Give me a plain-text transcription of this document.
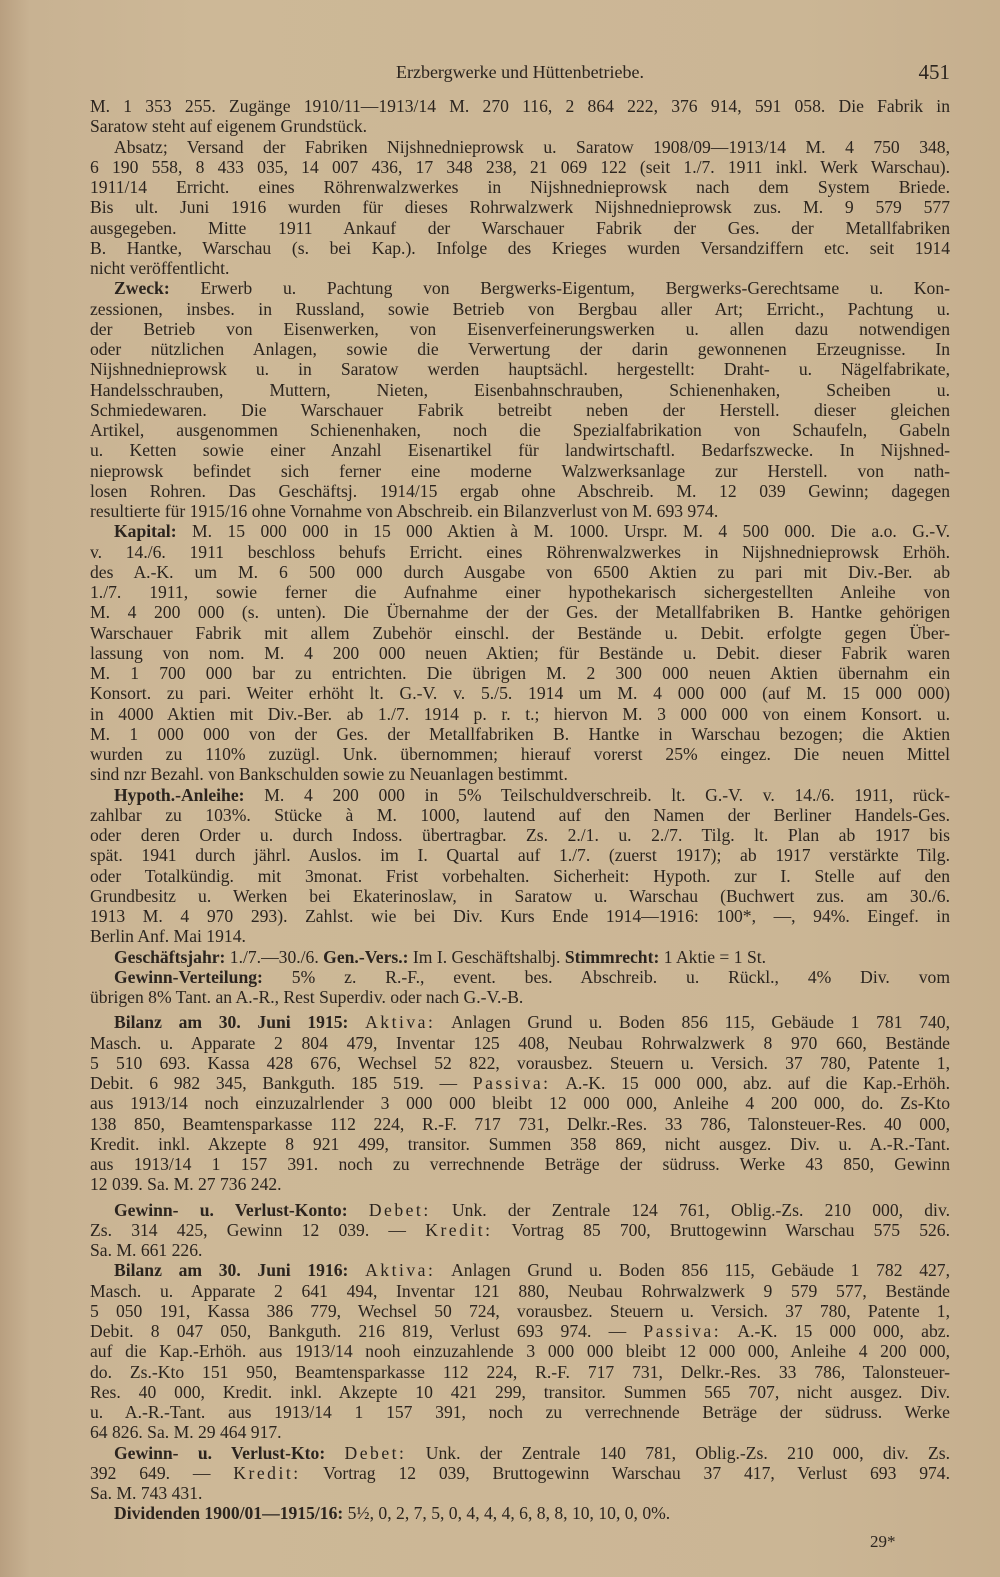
Erzbergwerke und Hüttenbetriebe.	451
M. 1 353 255. Zugänge 1910/11—1913/14 M. 270 116, 2 864 222, 376 914, 591 058. Die Fabrik in
Saratow steht auf eigenem Grundstück.
Absatz; Versand der Fabriken Nijshnednieprowsk u. Saratow 1908/09—1913/14 M. 4 750 348,
6 190 558, 8 433 035, 14 007 436, 17 348 238, 21 069 122 (seit 1./7. 1911 inkl. Werk Warschau).
1911/14 Erricht. eines Röhrenwalzwerkes in Nijshnednieprowsk nach dem System Briede.
Bis ult. Juni 1916 wurden für dieses Rohrwalzwerk Nijshnednieprowsk zus. M. 9 579 577
ausgegeben. Mitte 1911 Ankauf der Warschauer Fabrik der Ges. der Metallfabriken
B. Hantke, Warschau (s. bei Kap.). Infolge des Krieges wurden Versandziffern etc. seit 1914
nicht veröffentlicht.
Zweck: Erwerb u. Pachtung von Bergwerks-Eigentum, Bergwerks-Gerechtsame u. Kon-
zessionen, insbes. in Russland, sowie Betrieb von Bergbau aller Art; Erricht., Pachtung u.
der Betrieb von Eisenwerken, von Eisenverfeinerungswerken u. allen dazu notwendigen
oder nützlichen Anlagen, sowie die Verwertung der darin gewonnenen Erzeugnisse. In
Nijshnednieprowsk u. in Saratow werden hauptsächl. hergestellt: Draht- u. Nägelfabrikate,
Handelsschrauben, Muttern, Nieten, Eisenbahnschrauben, Schienenhaken, Scheiben u.
Schmiedewaren. Die Warschauer Fabrik betreibt neben der Herstell. dieser gleichen
Artikel, ausgenommen Schienenhaken, noch die Spezialfabrikation von Schaufeln, Gabeln
u. Ketten sowie einer Anzahl Eisenartikel für landwirtschaftl. Bedarfszwecke. In Nijshned-
nieprowsk befindet sich ferner eine moderne Walzwerksanlage zur Herstell. von nath-
losen Rohren. Das Geschäftsj. 1914/15 ergab ohne Abschreib. M. 12 039 Gewinn; dagegen
resultierte für 1915/16 ohne Vornahme von Abschreib. ein Bilanzverlust von M. 693 974.
Kapital: M. 15 000 000 in 15 000 Aktien à M. 1000. Urspr. M. 4 500 000. Die a.o. G.-V.
v. 14./6. 1911 beschloss behufs Erricht. eines Röhrenwalzwerkes in Nijshnednieprowsk Erhöh.
des A.-K. um M. 6 500 000 durch Ausgabe von 6500 Aktien zu pari mit Div.-Ber. ab
1./7. 1911, sowie ferner die Aufnahme einer hypothekarisch sichergestellten Anleihe von
M. 4 200 000 (s. unten). Die Übernahme der der Ges. der Metallfabriken B. Hantke gehörigen
Warschauer Fabrik mit allem Zubehör einschl. der Bestände u. Debit. erfolgte gegen Über-
lassung von nom. M. 4 200 000 neuen Aktien; für Bestände u. Debit. dieser Fabrik waren
M. 1 700 000 bar zu entrichten. Die übrigen M. 2 300 000 neuen Aktien übernahm ein
Konsort. zu pari. Weiter erhöht lt. G.-V. v. 5./5. 1914 um M. 4 000 000 (auf M. 15 000 000)
in 4000 Aktien mit Div.-Ber. ab 1./7. 1914 p. r. t.; hiervon M. 3 000 000 von einem Konsort. u.
M. 1 000 000 von der Ges. der Metallfabriken B. Hantke in Warschau bezogen; die Aktien
wurden zu 110% zuzügl. Unk. übernommen; hierauf vorerst 25% eingez. Die neuen Mittel
sind nzr Bezahl. von Bankschulden sowie zu Neuanlagen bestimmt.
Hypoth.-Anleihe: M. 4 200 000 in 5% Teilschuldverschreib. lt. G.-V. v. 14./6. 1911, rück-
zahlbar zu 103%. Stücke à M. 1000, lautend auf den Namen der Berliner Handels-Ges.
oder deren Order u. durch Indoss. übertragbar. Zs. 2./1. u. 2./7. Tilg. lt. Plan ab 1917 bis
spät. 1941 durch jährl. Auslos. im I. Quartal auf 1./7. (zuerst 1917); ab 1917 verstärkte Tilg.
oder Totalkündig. mit 3monat. Frist vorbehalten. Sicherheit: Hypoth. zur I. Stelle auf den
Grundbesitz u. Werken bei Ekaterinoslaw, in Saratow u. Warschau (Buchwert zus. am 30./6.
1913 M. 4 970 293). Zahlst. wie bei Div. Kurs Ende 1914—1916: 100*, —, 94%. Eingef. in
Berlin Anf. Mai 1914.
Geschäftsjahr: 1./7.—30./6. Gen.-Vers.: Im I. Geschäftshalbj. Stimmrecht: 1 Aktie = 1 St.
Gewinn-Verteilung: 5% z. R.-F., event. bes. Abschreib. u. Rückl., 4% Div. vom
übrigen 8% Tant. an A.-R., Rest Superdiv. oder nach G.-V.-B.
Bilanz am 30. Juni 1915: Aktiva: Anlagen Grund u. Boden 856 115, Gebäude 1 781 740,
Masch. u. Apparate 2 804 479, Inventar 125 408, Neubau Rohrwalzwerk 8 970 660, Bestände
5 510 693. Kassa 428 676, Wechsel 52 822, vorausbez. Steuern u. Versich. 37 780, Patente 1,
Debit. 6 982 345, Bankguth. 185 519. — Passiva: A.-K. 15 000 000, abz. auf die Kap.-Erhöh.
aus 1913/14 noch einzuzalrlender 3 000 000 bleibt 12 000 000, Anleihe 4 200 000, do. Zs-Kto
138 850, Beamtensparkasse 112 224, R.-F. 717 731, Delkr.-Res. 33 786, Talonsteuer-Res. 40 000,
Kredit. inkl. Akzepte 8 921 499, transitor. Summen 358 869, nicht ausgez. Div. u. A.-R.-Tant.
aus 1913/14 1 157 391. noch zu verrechnende Beträge der südruss. Werke 43 850, Gewinn
12 039. Sa. M. 27 736 242.
Gewinn- u. Verlust-Konto: Debet: Unk. der Zentrale 124 761, Oblig.-Zs. 210 000, div.
Zs. 314 425, Gewinn 12 039. — Kredit: Vortrag 85 700, Bruttogewinn Warschau 575 526.
Sa. M. 661 226.
Bilanz am 30. Juni 1916: Aktiva: Anlagen Grund u. Boden 856 115, Gebäude 1 782 427,
Masch. u. Apparate 2 641 494, Inventar 121 880, Neubau Rohrwalzwerk 9 579 577, Bestände
5 050 191, Kassa 386 779, Wechsel 50 724, vorausbez. Steuern u. Versich. 37 780, Patente 1,
Debit. 8 047 050, Bankguth. 216 819, Verlust 693 974. — Passiva: A.-K. 15 000 000, abz.
auf die Kap.-Erhöh. aus 1913/14 nooh einzuzahlende 3 000 000 bleibt 12 000 000, Anleihe 4 200 000,
do. Zs.-Kto 151 950, Beamtensparkasse 112 224, R.-F. 717 731, Delkr.-Res. 33 786, Talonsteuer-
Res. 40 000, Kredit. inkl. Akzepte 10 421 299, transitor. Summen 565 707, nicht ausgez. Div.
u. A.-R.-Tant. aus 1913/14 1 157 391, noch zu verrechnende Beträge der südruss. Werke
64 826. Sa. M. 29 464 917.
Gewinn- u. Verlust-Kto: Debet: Unk. der Zentrale 140 781, Oblig.-Zs. 210 000, div. Zs.
392 649. — Kredit: Vortrag 12 039, Bruttogewinn Warschau 37 417, Verlust 693 974.
Sa. M. 743 431.
Dividenden 1900/01—1915/16: 5½, 0, 2, 7, 5, 0, 4, 4, 4, 6, 8, 8, 10, 10, 0, 0%.
29*
